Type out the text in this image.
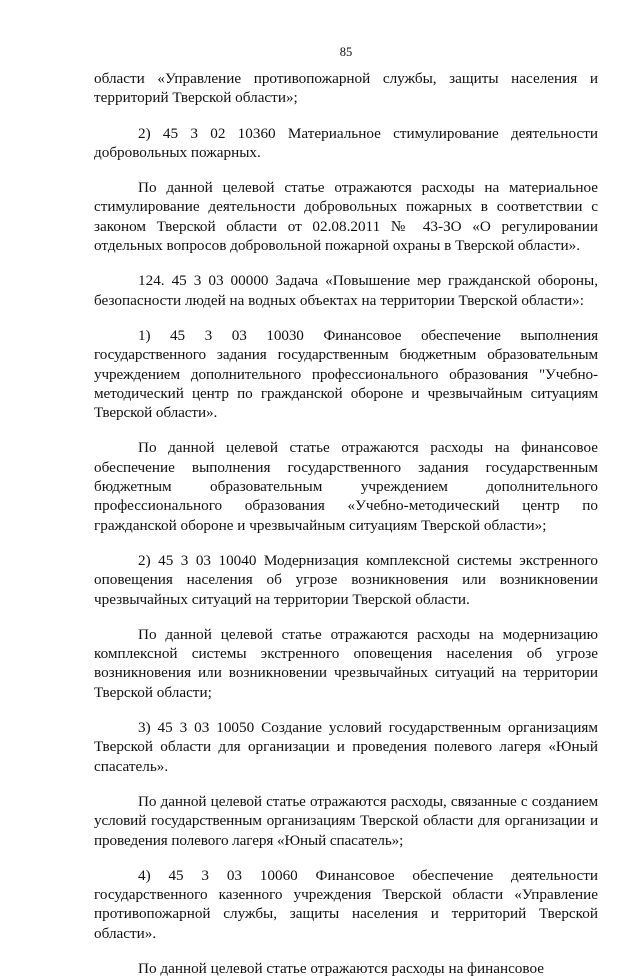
85

области «Управление противопожарной службы, защиты населения и территорий Тверской области»;

2) 45 3 02 10360 Материальное стимулирование деятельности добровольных пожарных.

По данной целевой статье отражаются расходы на материальное стимулирование деятельности добровольных пожарных в соответствии с законом Тверской области от 02.08.2011 № 43-ЗО «О регулировании отдельных вопросов добровольной пожарной охраны в Тверской области».

124. 45 3 03 00000 Задача «Повышение мер гражданской обороны, безопасности людей на водных объектах на территории Тверской области»:

1) 45 3 03 10030 Финансовое обеспечение выполнения государственного задания государственным бюджетным образовательным учреждением дополнительного профессионального образования "Учебно-методический центр по гражданской обороне и чрезвычайным ситуациям Тверской области».

По данной целевой статье отражаются расходы на финансовое обеспечение выполнения государственного задания государственным бюджетным образовательным учреждением дополнительного профессионального образования «Учебно-методический центр по гражданской обороне и чрезвычайным ситуациям Тверской области»;

2) 45 3 03 10040 Модернизация комплексной системы экстренного оповещения населения об угрозе возникновения или возникновении чрезвычайных ситуаций на территории Тверской области.

По данной целевой статье отражаются расходы на модернизацию комплексной системы экстренного оповещения населения об угрозе возникновения или возникновении чрезвычайных ситуаций на территории Тверской области;

3) 45 3 03 10050 Создание условий государственным организациям Тверской области для организации и проведения полевого лагеря «Юный спасатель».

По данной целевой статье отражаются расходы, связанные с созданием условий государственным организациям Тверской области для организации и проведения полевого лагеря «Юный спасатель»;

4) 45 3 03 10060 Финансовое обеспечение деятельности государственного казенного учреждения Тверской области «Управление противопожарной службы, защиты населения и территорий Тверской области».

По данной целевой статье отражаются расходы на финансовое
